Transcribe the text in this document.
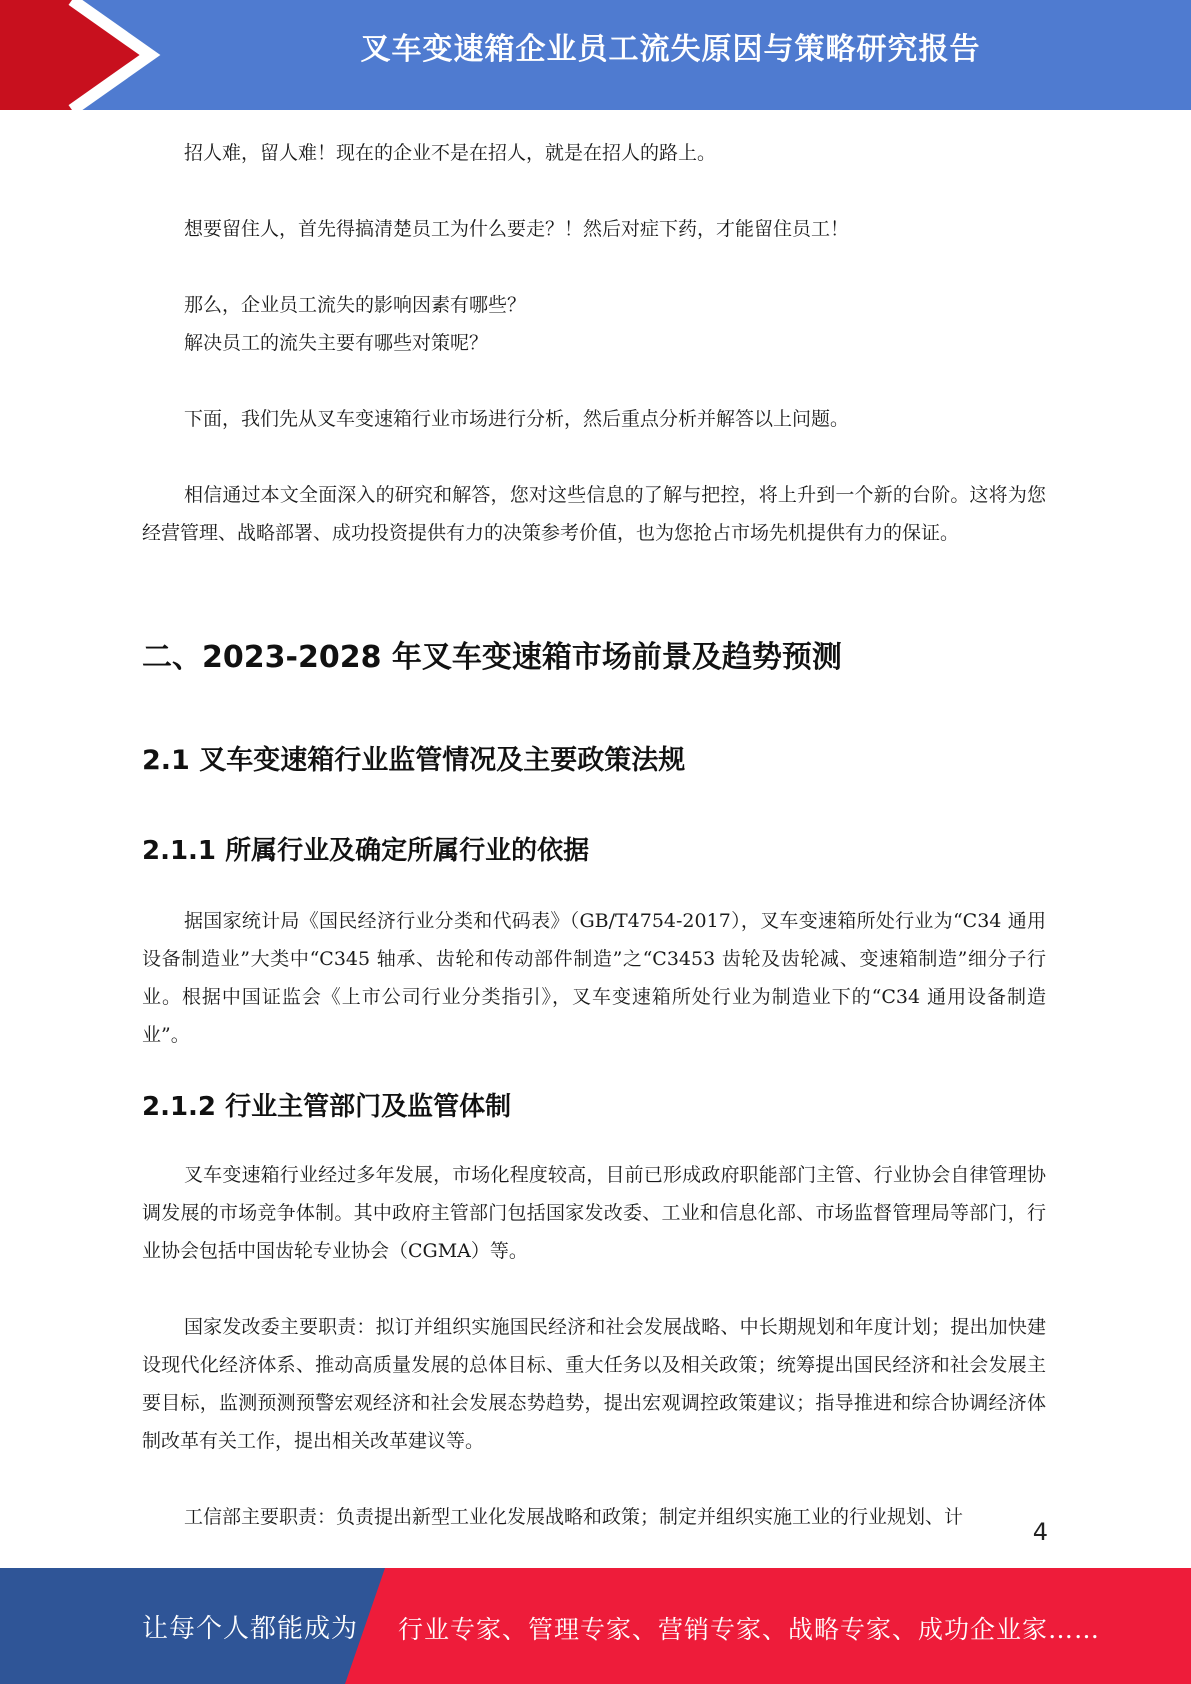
叉车变速箱企业员工流失原因与策略研究报告

招人难，留人难！现在的企业不是在招人，就是在招人的路上。

想要留住人，首先得搞清楚员工为什么要走？！然后对症下药，才能留住员工！

那么，企业员工流失的影响因素有哪些？

解决员工的流失主要有哪些对策呢？

下面，我们先从叉车变速箱行业市场进行分析，然后重点分析并解答以上问题。

相信通过本文全面深入的研究和解答，您对这些信息的了解与把控，将上升到一个新的台阶。这将为您经营管理、战略部署、成功投资提供有力的决策参考价值，也为您抢占市场先机提供有力的保证。

二、2023-2028 年叉车变速箱市场前景及趋势预测
2.1 叉车变速箱行业监管情况及主要政策法规
2.1.1 所属行业及确定所属行业的依据

据国家统计局《国民经济行业分类和代码表》（GB/T4754-2017），叉车变速箱所处行业为“C34 通用设备制造业”大类中“C345 轴承、齿轮和传动部件制造”之“C3453 齿轮及齿轮减、变速箱制造”细分子行业。根据中国证监会《上市公司行业分类指引》，叉车变速箱所处行业为制造业下的“C34 通用设备制造业”。

2.1.2 行业主管部门及监管体制

叉车变速箱行业经过多年发展，市场化程度较高，目前已形成政府职能部门主管、行业协会自律管理协调发展的市场竞争体制。其中政府主管部门包括国家发改委、工业和信息化部、市场监督管理局等部门，行业协会包括中国齿轮专业协会（CGMA）等。

国家发改委主要职责：拟订并组织实施国民经济和社会发展战略、中长期规划和年度计划；提出加快建设现代化经济体系、推动高质量发展的总体目标、重大任务以及相关政策；统筹提出国民经济和社会发展主要目标，监测预测预警宏观经济和社会发展态势趋势，提出宏观调控政策建议；指导推进和综合协调经济体制改革有关工作，提出相关改革建议等。

工信部主要职责：负责提出新型工业化发展战略和政策；制定并组织实施工业的行业规划、计

4
让每个人都能成为 行业专家、管理专家、营销专家、战略专家、成功企业家……
